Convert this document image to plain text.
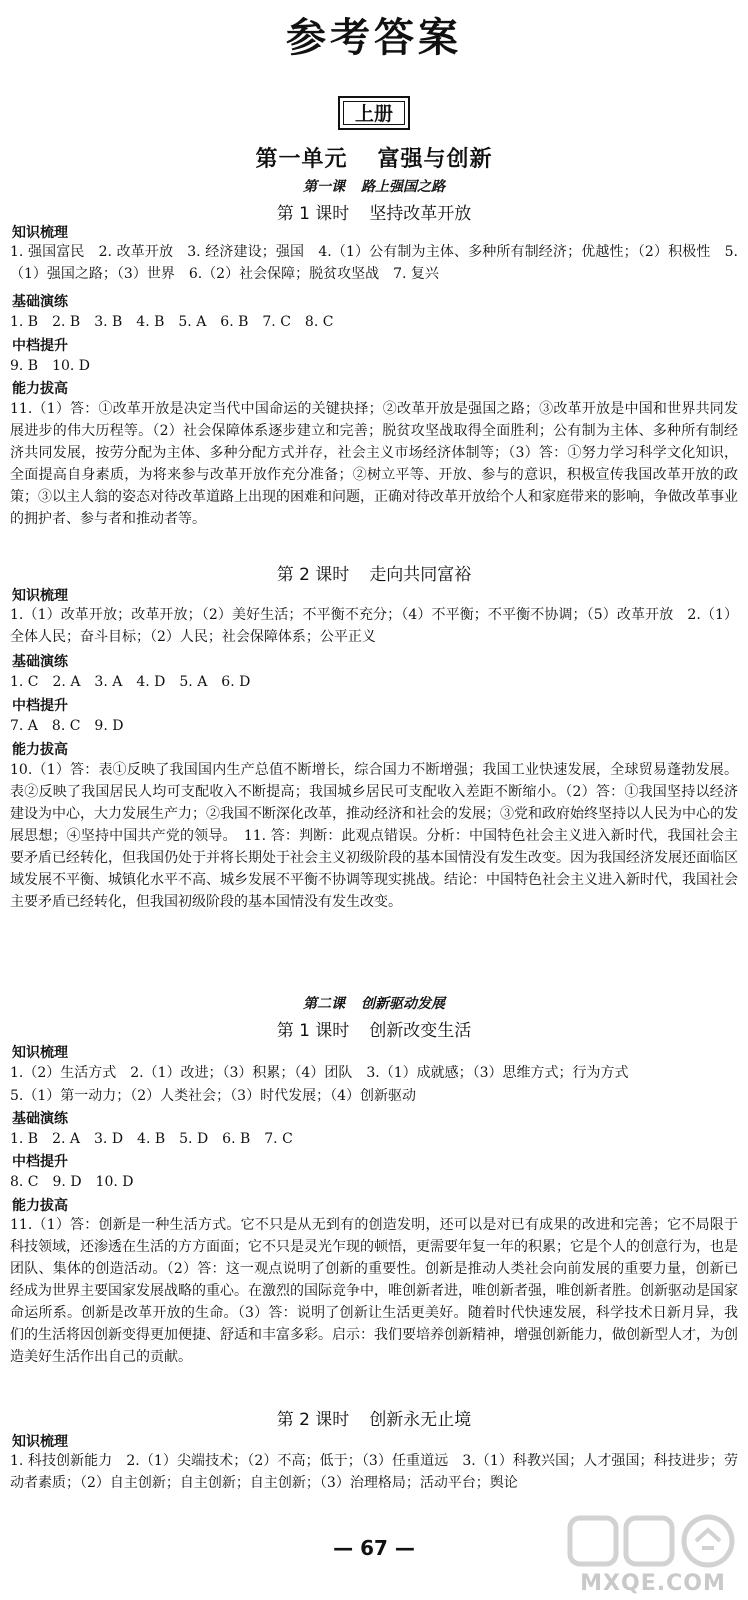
参考答案
上册
第一单元 富强与创新
第一课 路上强国之路
第 1 课时 坚持改革开放
知识梳理
1. 强国富民　2. 改革开放　3. 经济建设；强国　4.（1）公有制为主体、多种所有制经济；优越性；（2）积极性　5.（1）强国之路；（3）世界　6.（2）社会保障；脱贫攻坚战　7. 复兴
基础演练
1. B　2. B　3. B　4. B　5. A　6. B　7. C　8. C
中档提升
9. B　10. D
能力拔高
11.（1）答：①改革开放是决定当代中国命运的关键抉择；②改革开放是强国之路；③改革开放是中国和世界共同发展进步的伟大历程等。（2）社会保障体系逐步建立和完善；脱贫攻坚战取得全面胜利；公有制为主体、多种所有制经济共同发展，按劳分配为主体、多种分配方式并存，社会主义市场经济体制等；（3）答：①努力学习科学文化知识，全面提高自身素质，为将来参与改革开放作充分准备；②树立平等、开放、参与的意识，积极宣传我国改革开放的政策；③以主人翁的姿态对待改革道路上出现的困难和问题，正确对待改革开放给个人和家庭带来的影响，争做改革事业的拥护者、参与者和推动者等。
第 2 课时 走向共同富裕
知识梳理
1.（1）改革开放；改革开放；（2）美好生活；不平衡不充分；（4）不平衡；不平衡不协调；（5）改革开放　2.（1）全体人民；奋斗目标；（2）人民；社会保障体系；公平正义
基础演练
1. C　2. A　3. A　4. D　5. A　6. D
中档提升
7. A　8. C　9. D
能力拔高
10.（1）答：表①反映了我国国内生产总值不断增长，综合国力不断增强；我国工业快速发展，全球贸易蓬勃发展。表②反映了我国居民人均可支配收入不断提高；我国城乡居民可支配收入差距不断缩小。（2）答：①我国坚持以经济建设为中心，大力发展生产力；②我国不断深化改革，推动经济和社会的发展；③党和政府始终坚持以人民为中心的发展思想；④坚持中国共产党的领导。　11. 答：判断：此观点错误。分析：中国特色社会主义进入新时代，我国社会主要矛盾已经转化，但我国仍处于并将长期处于社会主义初级阶段的基本国情没有发生改变。因为我国经济发展还面临区域发展不平衡、城镇化水平不高、城乡发展不平衡不协调等现实挑战。结论：中国特色社会主义进入新时代，我国社会主要矛盾已经转化，但我国初级阶段的基本国情没有发生改变。
第二课 创新驱动发展
第 1 课时 创新改变生活
知识梳理
1.（2）生活方式　2.（1）改进；（3）积累；（4）团队　3.（1）成就感；（3）思维方式；行为方式
5.（1）第一动力；（2）人类社会；（3）时代发展；（4）创新驱动
基础演练
1. B　2. A　3. D　4. B　5. D　6. B　7. C
中档提升
8. C　9. D　10. D
能力拔高
11.（1）答：创新是一种生活方式。它不只是从无到有的创造发明，还可以是对已有成果的改进和完善；它不局限于科技领域，还渗透在生活的方方面面；它不只是灵光乍现的顿悟，更需要年复一年的积累；它是个人的创意行为，也是团队、集体的创造活动。（2）答：这一观点说明了创新的重要性。创新是推动人类社会向前发展的重要力量，创新已经成为世界主要国家发展战略的重心。在激烈的国际竞争中，唯创新者进，唯创新者强，唯创新者胜。创新驱动是国家命运所系。创新是改革开放的生命。（3）答：说明了创新让生活更美好。随着时代快速发展，科学技术日新月异，我们的生活将因创新变得更加便捷、舒适和丰富多彩。启示：我们要培养创新精神，增强创新能力，做创新型人才，为创造美好生活作出自己的贡献。
第 2 课时 创新永无止境
知识梳理
1. 科技创新能力　2.（1）尖端技术；（2）不高；低于；（3）任重道远　3.（1）科教兴国；人才强国；科技进步；劳动者素质；（2）自主创新；自主创新；自主创新；（3）治理格局；活动平台；舆论
— 67 —
MXQE.COM
